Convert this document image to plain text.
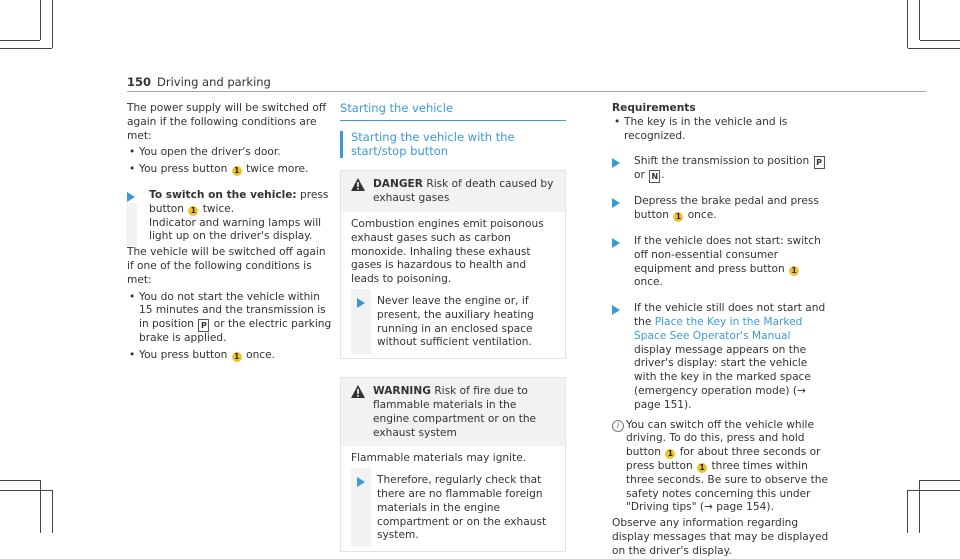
150 Driving and parking

The power supply will be switched off again if the following conditions are met:

• You open the driver's door.

• You press button 1 twice more.

To switch on the vehicle: press button 1 twice.

Indicator and warning lamps will light up on the driver's display.

The vehicle will be switched off again if one of the following conditions is met:

• You do not start the vehicle within 15 minutes and the transmission is in position P or the electric parking brake is applied.

• You press button 1 once.

Starting the vehicle
Starting the vehicle with the start/stop button
DANGER Risk of death caused by exhaust gases

Combustion engines emit poisonous exhaust gases such as carbon monoxide. Inhaling these exhaust gases is hazardous to health and leads to poisoning.

Never leave the engine or, if present, the auxiliary heating running in an enclosed space without sufficient ventilation.

WARNING Risk of fire due to flammable materials in the engine compartment or on the exhaust system

Flammable materials may ignite.

Therefore, regularly check that there are no flammable foreign materials in the engine compartment or on the exhaust system.

Requirements

• The key is in the vehicle and is recognized.

Shift the transmission to position P or N .

Depress the brake pedal and press button 1 once.

If the vehicle does not start: switch off non-essential consumer equipment and press button 1 once.

If the vehicle still does not start and the Place the Key in the Marked Space See Operator's Manual display message appears on the driver's display: start the vehicle with the key in the marked space (emergency operation mode) (→ page 151).

i You can switch off the vehicle while driving. To do this, press and hold button 1 for about three seconds or press button 1 three times within three seconds. Be sure to observe the safety notes concerning this under "Driving tips" (→ page 154).

Observe any information regarding display messages that may be displayed on the driver's display.
